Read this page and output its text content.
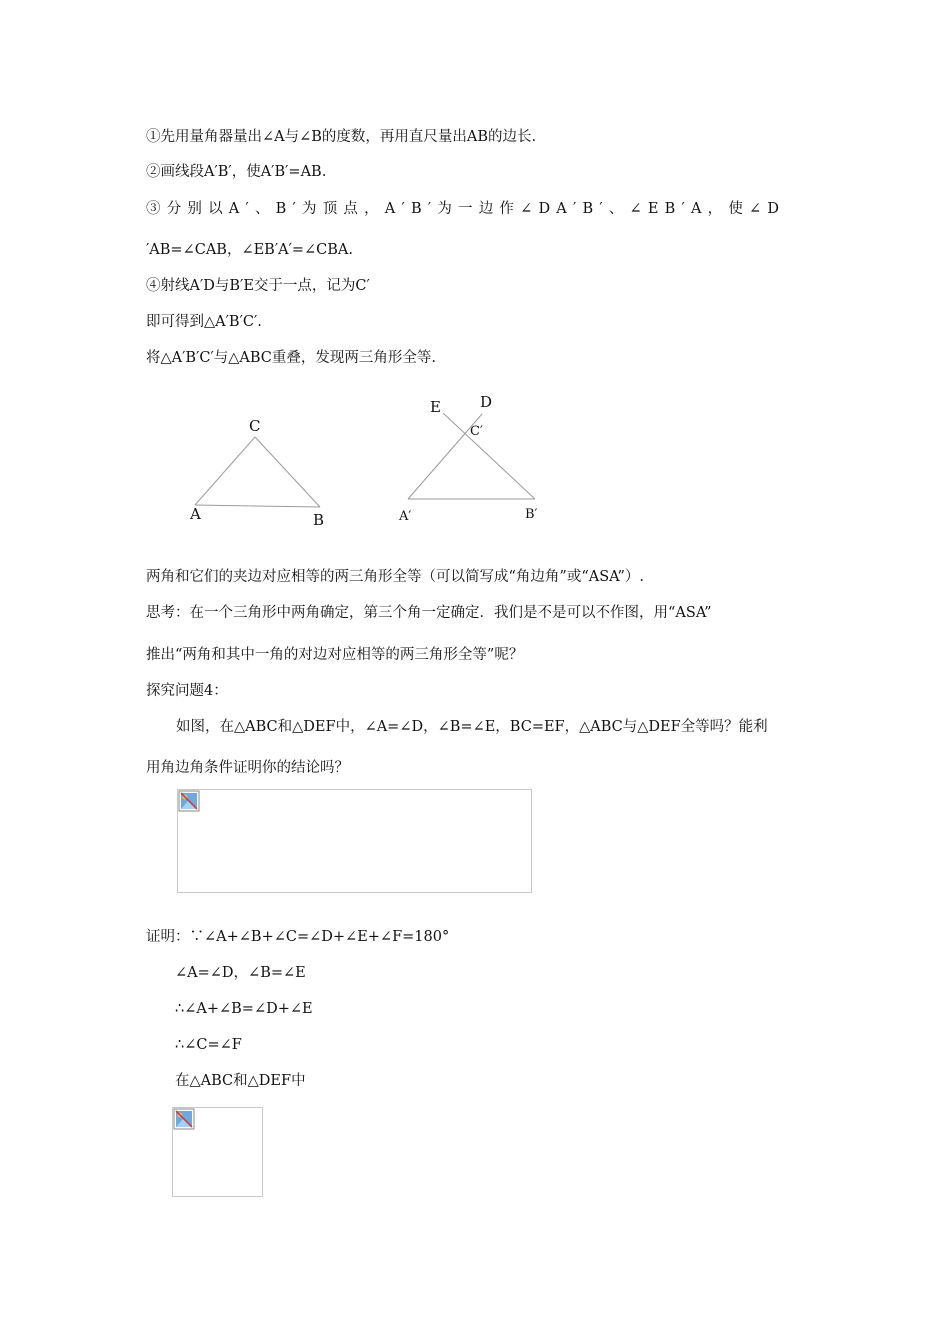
①先用量角器量出∠A与∠B的度数，再用直尺量出AB的边长.
②画线段A′B′，使A′B′=AB.
③分别以A′、B′为顶点，A′B′为一边作∠DA′B′、∠EB′A，使∠D
′AB=∠CAB，∠EB′A′=∠CBA.
④射线A′D与B′E交于一点，记为C′
即可得到△A′B′C′.
将△A′B′C′与△ABC重叠，发现两三角形全等.
C
A	B
E	D
C′
A′	B′
两角和它们的夹边对应相等的两三角形全等（可以简写成“角边角”或“ASA”）.
思考：在一个三角形中两角确定，第三个角一定确定．我们是不是可以不作图，用“ASA”
推出“两角和其中一角的对边对应相等的两三角形全等”呢？
探究问题4：
如图，在△ABC和△DEF中，∠A=∠D，∠B=∠E，BC=EF，△ABC与△DEF全等吗？能利
用角边角条件证明你的结论吗？
证明：∵∠A+∠B+∠C=∠D+∠E+∠F=180°
∠A=∠D，∠B=∠E
∴∠A+∠B=∠D+∠E
∴∠C=∠F
在△ABC和△DEF中
